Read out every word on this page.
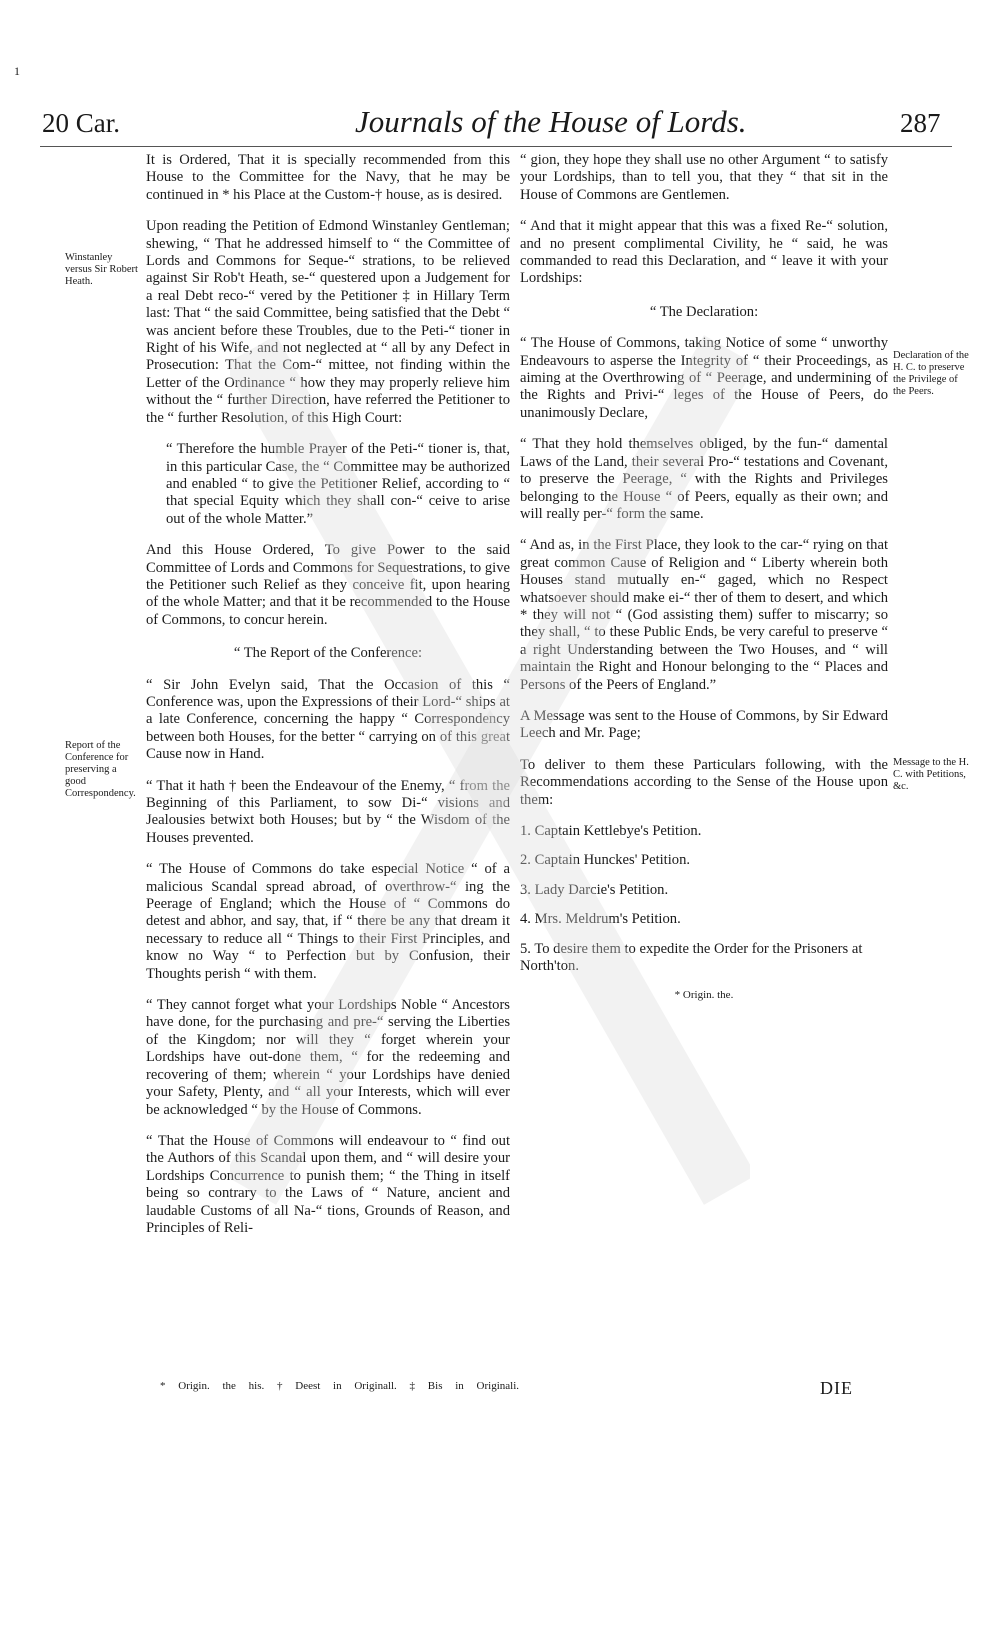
1
20 Car.	Journals of the House of Lords.	287
Winstanley versus Sir Robert Heath.
Report of the Conference for preserving a good Correspondency.
Declaration of the H. C. to preserve the Privilege of the Peers.
Message to the H. C. with Petitions, &c.

It is Ordered, That it is specially recommended from this House to the Committee for the Navy, that he may be continued in * his Place at the Custom-† house, as is desired.

Upon reading the Petition of Edmond Winstanley Gentleman; shewing, “ That he addressed himself to “ the Committee of Lords and Commons for Seque-“ strations, to be relieved against Sir Rob't Heath, se-“ questered upon a Judgement for a real Debt reco-“ vered by the Petitioner ‡ in Hillary Term last: That “ the said Committee, being satisfied that the Debt “ was ancient before these Troubles, due to the Peti-“ tioner in Right of his Wife, and not neglected at “ all by any Defect in Prosecution: That the Com-“ mittee, not finding within the Letter of the Ordinance “ how they may properly relieve him without the “ further Direction, have referred the Petitioner to the “ further Resolution, of this High Court:

“ Therefore the humble Prayer of the Peti-“ tioner is, that, in this particular Case, the “ Committee may be authorized and enabled “ to give the Petitioner Relief, according to “ that special Equity which they shall con-“ ceive to arise out of the whole Matter.”

And this House Ordered, To give Power to the said Committee of Lords and Commons for Sequestrations, to give the Petitioner such Relief as they conceive fit, upon hearing of the whole Matter; and that it be recommended to the House of Commons, to concur herein.

“ The Report of the Conference:

“ Sir John Evelyn said, That the Occasion of this “ Conference was, upon the Expressions of their Lord-“ ships at a late Conference, concerning the happy “ Correspondency between both Houses, for the better “ carrying on of this great Cause now in Hand.

“ That it hath † been the Endeavour of the Enemy, “ from the Beginning of this Parliament, to sow Di-“ visions and Jealousies betwixt both Houses; but by “ the Wisdom of the Houses prevented.

“ The House of Commons do take especial Notice “ of a malicious Scandal spread abroad, of overthrow-“ ing the Peerage of England; which the House of “ Commons do detest and abhor, and say, that, if “ there be any that dream it necessary to reduce all “ Things to their First Principles, and know no Way “ to Perfection but by Confusion, their Thoughts perish “ with them.

“ They cannot forget what your Lordships Noble “ Ancestors have done, for the purchasing and pre-“ serving the Liberties of the Kingdom; nor will they “ forget wherein your Lordships have out-done them, “ for the redeeming and recovering of them; wherein “ your Lordships have denied your Safety, Plenty, and “ all your Interests, which will ever be acknowledged “ by the House of Commons.

“ That the House of Commons will endeavour to “ find out the Authors of this Scandal upon them, and “ will desire your Lordships Concurrence to punish them; “ the Thing in itself being so contrary to the Laws of “ Nature, ancient and laudable Customs of all Na-“ tions, Grounds of Reason, and Principles of Reli-

“ gion, they hope they shall use no other Argument “ to satisfy your Lordships, than to tell you, that they “ that sit in the House of Commons are Gentlemen.

“ And that it might appear that this was a fixed Re-“ solution, and no present complimental Civility, he “ said, he was commanded to read this Declaration, and “ leave it with your Lordships:

“ The Declaration:

“ The House of Commons, taking Notice of some “ unworthy Endeavours to asperse the Integrity of “ their Proceedings, as aiming at the Overthrowing of “ Peerage, and undermining of the Rights and Privi-“ leges of the House of Peers, do unanimously Declare,

“ That they hold themselves obliged, by the fun-“ damental Laws of the Land, their several Pro-“ testations and Covenant, to preserve the Peerage, “ with the Rights and Privileges belonging to the House “ of Peers, equally as their own; and will really per-“ form the same.

“ And as, in the First Place, they look to the car-“ rying on that great common Cause of Religion and “ Liberty wherein both Houses stand mutually en-“ gaged, which no Respect whatsoever should make ei-“ ther of them to desert, and which * they will not “ (God assisting them) suffer to miscarry; so they shall, “ to these Public Ends, be very careful to preserve “ a right Understanding between the Two Houses, and “ will maintain the Right and Honour belonging to the “ Places and Persons of the Peers of England.”

A Message was sent to the House of Commons, by Sir Edward Leech and Mr. Page;

To deliver to them these Particulars following, with the Recommendations according to the Sense of the House upon them:

1. Captain Kettlebye's Petition.

2. Captain Hunckes' Petition.

3. Lady Darcie's Petition.

4. Mrs. Meldrum's Petition.

5. To desire them to expedite the Order for the Prisoners at North'ton.

* Origin. the.

* Origin. the his. † Deest in Originall. ‡ Bis in Originali.	DIE
